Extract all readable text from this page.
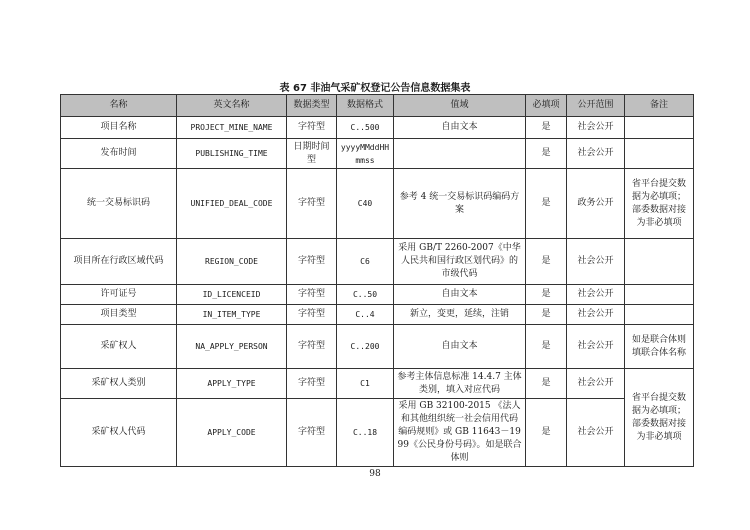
表 67 非油气采矿权登记公告信息数据集表
名称	英文名称	数据类型	数据格式	值域	必填项	公开范围	备注
项目名称	PROJECT_MINE_NAME	字符型	C..500	自由文本	是	社会公开	
发布时间	PUBLISHING_TIME	日期时间型	yyyyMMddHHmmss		是	社会公开	
统一交易标识码	UNIFIED_DEAL_CODE	字符型	C40	参考 4 统一交易标识码编码方案	是	政务公开	省平台提交数据为必填项；部委数据对接为非必填项
项目所在行政区域代码	REGION_CODE	字符型	C6	采用 GB/T 2260-2007《中华人民共和国行政区划代码》的市级代码	是	社会公开	
许可证号	ID_LICENCEID	字符型	C..50	自由文本	是	社会公开	
项目类型	IN_ITEM_TYPE	字符型	C..4	新立，变更，延续，注销	是	社会公开	
采矿权人	NA_APPLY_PERSON	字符型	C..200	自由文本	是	社会公开	如是联合体则填联合体名称
采矿权人类别	APPLY_TYPE	字符型	C1	参考主体信息标准 14.4.7 主体类别，填入对应代码	是	社会公开	省平台提交数据为必填项；部委数据对接为非必填项
采矿权人代码	APPLY_CODE	字符型	C..18	采用 GB 32100-2015 《法人和其他组织统一社会信用代码编码规则》或 GB 11643－1999《公民身份号码》。如是联合体则	是	社会公开	
98
